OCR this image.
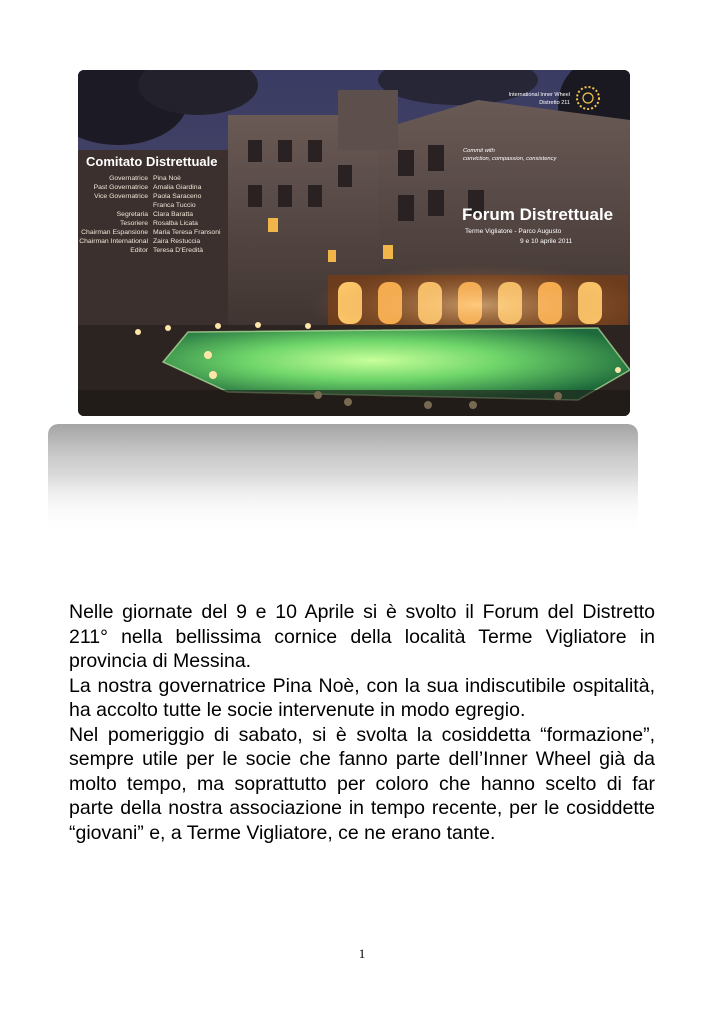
Comitato Distrettuale
Governatrice Pina Noè
Past Governatrice Amalia Giardina
Vice Governatrice Paola Saraceno
Franca Tuccio
Segretaria Clara Baratta
Tesoriere Rosalba Licata
Chairman Espansione Maria Teresa Fransoni
Chairman International Zaira Restuccia
Editor Teresa D'Eredità
International Inner Wheel
Distretto 211
Commit with
conviction, compassion, consistency
Forum Distrettuale
Terme Vigliatore - Parco Augusto
9 e 10 aprile 2011

Nelle giornate del 9 e 10 Aprile si è svolto il Forum del Distretto 211° nella bellissima cornice della località Terme Vigliatore in provincia di Messina.

La nostra governatrice Pina Noè, con la sua indiscutibile ospitalità, ha accolto tutte le socie intervenute in modo egregio.

Nel pomeriggio di sabato, si è svolta la cosiddetta “formazione”, sempre utile per le socie che fanno parte dell’Inner Wheel già da molto tempo, ma soprattutto per coloro che hanno scelto di far parte della nostra associazione in tempo recente, per le cosiddette “giovani” e, a Terme Vigliatore, ce ne erano tante.

1
